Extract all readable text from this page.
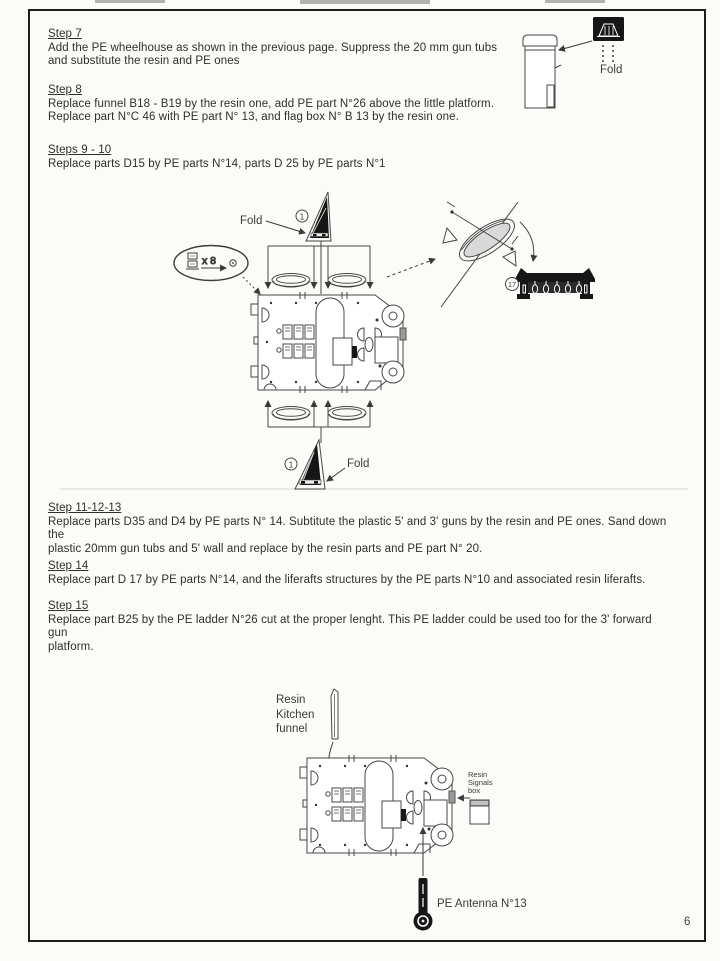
Step 7
Add the PE wheelhouse as shown in the previous page. Suppress the 20 mm gun tubs
and substitute the resin and PE ones
Step 8
Replace funnel B18 - B19 by the resin one, add PE part N°26 above the little platform.
Replace part N°C 46 with PE part N° 13, and flag box N° B 13 by the resin one.
Steps 9 - 10
Replace parts D15 by PE parts N°14, parts D 25 by PE parts N°1
Step 11-12-13
Replace parts D35 and D4 by PE parts N° 14. Subtitute the plastic 5' and 3' guns by the resin and PE ones. Sand down the
plastic 20mm gun tubs and 5' wall and replace by the resin parts and PE part N° 20.
Step 14
Replace part D 17 by PE parts N°14, and the liferafts structures by the PE parts N°10 and associated resin liferafts.
Step 15
Replace part B25 by the PE ladder N°26 cut at the proper lenght. This PE ladder could be used too for the 3' forward gun
platform.
6
Fold
x 8
Fold	1
17
1	Fold
Resin
Kitchen
funnel
Resin
Signals
box
PE Antenna N°13
